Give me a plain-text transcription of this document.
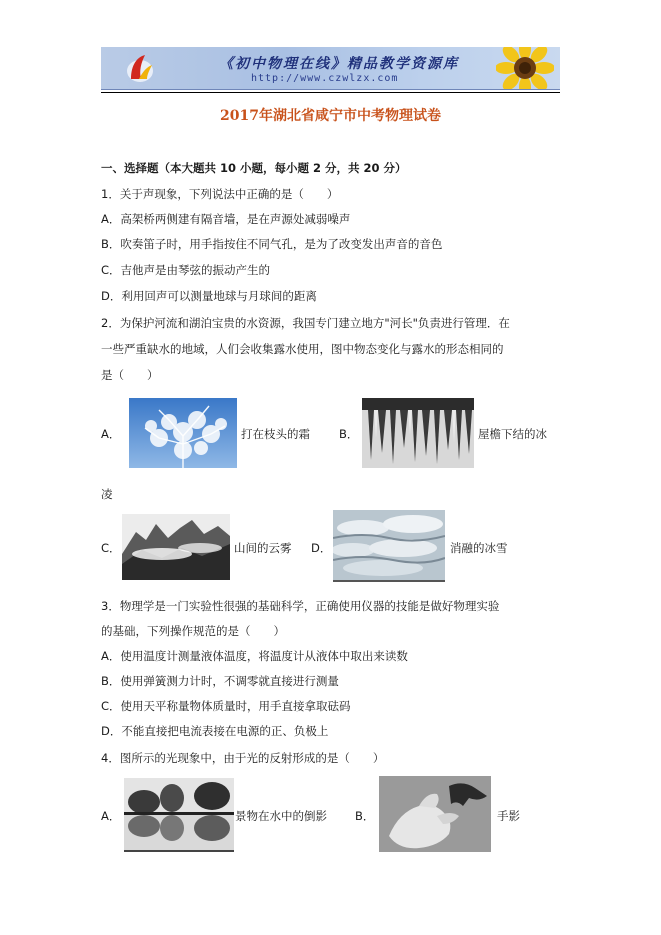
《初中物理在线》精品教学资源库
http://www.czwlzx.com
2017年湖北省咸宁市中考物理试卷
一、选择题（本大题共 10 小题，每小题 2 分，共 20 分）
1．关于声现象，下列说法中正确的是（　　）
A．高架桥两侧建有隔音墙，是在声源处减弱噪声
B．吹奏笛子时，用手指按住不同气孔，是为了改变发出声音的音色
C．吉他声是由琴弦的振动产生的
D．利用回声可以测量地球与月球间的距离
2．为保护河流和湖泊宝贵的水资源，我国专门建立地方"河长"负责进行管理．在
一些严重缺水的地域，人们会收集露水使用，图中物态变化与露水的形态相同的
是（　　）
A．	打在枝头的霜	B．	屋檐下结的冰
凌
C．	山间的云雾 D．	消融的冰雪
3．物理学是一门实验性很强的基础科学，正确使用仪器的技能是做好物理实验
的基础，下列操作规范的是（　　）
A．使用温度计测量液体温度，将温度计从液体中取出来读数
B．使用弹簧测力计时，不调零就直接进行测量
C．使用天平称量物体质量时，用手直接拿取砝码
D．不能直接把电流表接在电源的正、负极上
4．图所示的光现象中，由于光的反射形成的是（　　）
A．	景物在水中的倒影 B．	手影
